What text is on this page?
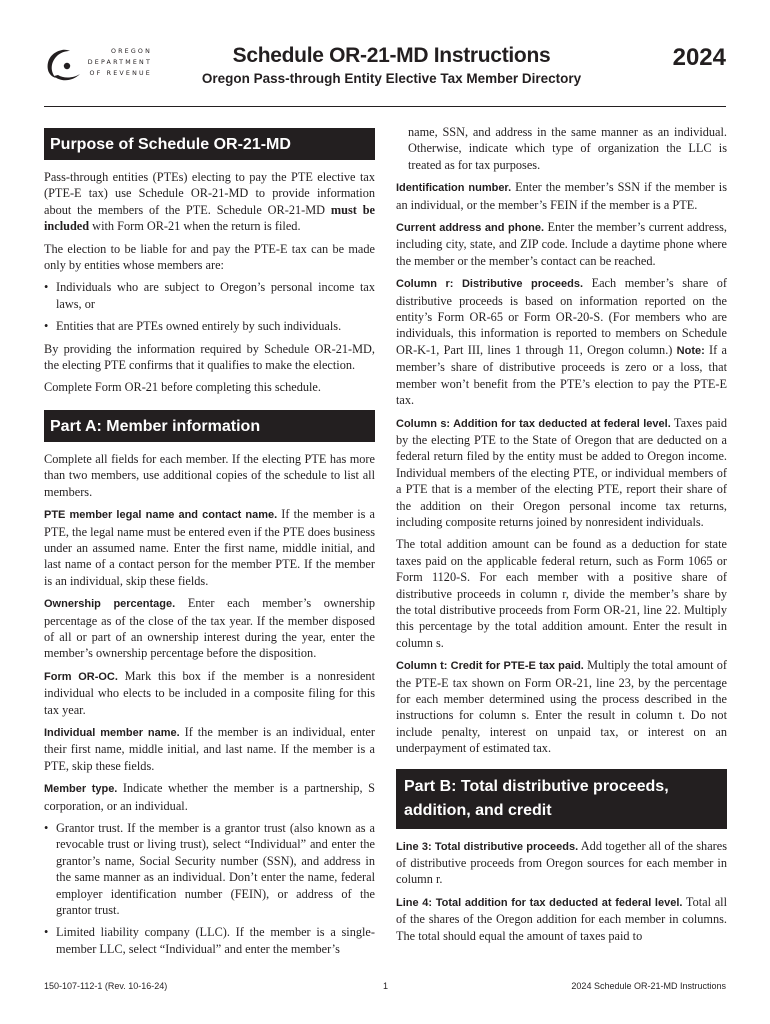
OREGON
DEPARTMENT
OF REVENUE
Schedule OR-21-MD Instructions
Oregon Pass-through Entity Elective Tax Member Directory
2024
Purpose of Schedule OR-21-MD

Pass-through entities (PTEs) electing to pay the PTE elective tax (PTE-E tax) use Schedule OR-21-MD to provide information about the members of the PTE. Schedule OR-21-MD must be included with Form OR-21 when the return is filed.

The election to be liable for and pay the PTE-E tax can be made only by entities whose members are:

• Individuals who are subject to Oregon’s personal income tax laws, or
• Entities that are PTEs owned entirely by such individuals.

By providing the information required by Schedule OR-21-MD, the electing PTE confirms that it qualifies to make the election.

Complete Form OR-21 before completing this schedule.

Part A: Member information

Complete all fields for each member. If the electing PTE has more than two members, use additional copies of the schedule to list all members.

PTE member legal name and contact name. If the member is a PTE, the legal name must be entered even if the PTE does business under an assumed name. Enter the first name, middle initial, and last name of a contact person for the member PTE. If the member is an individual, skip these fields.

Ownership percentage. Enter each member’s ownership percentage as of the close of the tax year. If the member disposed of all or part of an ownership interest during the year, enter the member’s ownership percentage before the disposition.

Form OR-OC. Mark this box if the member is a nonresident individual who elects to be included in a composite filing for this tax year.

Individual member name. If the member is an individual, enter their first name, middle initial, and last name. If the member is a PTE, skip these fields.

Member type. Indicate whether the member is a partnership, S corporation, or an individual.

• Grantor trust. If the member is a grantor trust (also known as a revocable trust or living trust), select “Individual” and enter the grantor’s name, Social Security number (SSN), and address in the same manner as an individual. Don’t enter the name, federal employer identification number (FEIN), or address of the grantor trust.
• Limited liability company (LLC). If the member is a single-member LLC, select “Individual” and enter the member’s

name, SSN, and address in the same manner as an individual. Otherwise, indicate which type of organization the LLC is treated as for tax purposes.

Identification number. Enter the member’s SSN if the member is an individual, or the member’s FEIN if the member is a PTE.

Current address and phone. Enter the member’s current address, including city, state, and ZIP code. Include a daytime phone where the member or the member’s contact can be reached.

Column r: Distributive proceeds. Each member’s share of distributive proceeds is based on information reported on the entity’s Form OR-65 or Form OR-20-S. (For members who are individuals, this information is reported to members on Schedule OR-K-1, Part III, lines 1 through 11, Oregon column.) Note: If a member’s share of distributive proceeds is zero or a loss, that member won’t benefit from the PTE’s election to pay the PTE-E tax.

Column s: Addition for tax deducted at federal level. Taxes paid by the electing PTE to the State of Oregon that are deducted on a federal return filed by the entity must be added to Oregon income. Individual members of the electing PTE, or individual members of a PTE that is a member of the electing PTE, report their share of the addition on their Oregon personal income tax returns, including composite returns joined by nonresident individuals.

The total addition amount can be found as a deduction for state taxes paid on the applicable federal return, such as Form 1065 or Form 1120-S. For each member with a positive share of distributive proceeds in column r, divide the member’s share by the total distributive proceeds from Form OR-21, line 22. Multiply this percentage by the total addition amount. Enter the result in column s.

Column t: Credit for PTE-E tax paid. Multiply the total amount of the PTE-E tax shown on Form OR-21, line 23, by the percentage for each member determined using the process described in the instructions for column s. Enter the result in column t. Do not include penalty, interest on unpaid tax, or interest on an underpayment of estimated tax.

Part B: Total distributive proceeds,
addition, and credit

Line 3: Total distributive proceeds. Add together all of the shares of distributive proceeds from Oregon sources for each member in column r.

Line 4: Total addition for tax deducted at federal level. Total all of the shares of the Oregon addition for each member in columns. The total should equal the amount of taxes paid to

150-107-112-1 (Rev. 10-16-24)	1	2024 Schedule OR-21-MD Instructions
